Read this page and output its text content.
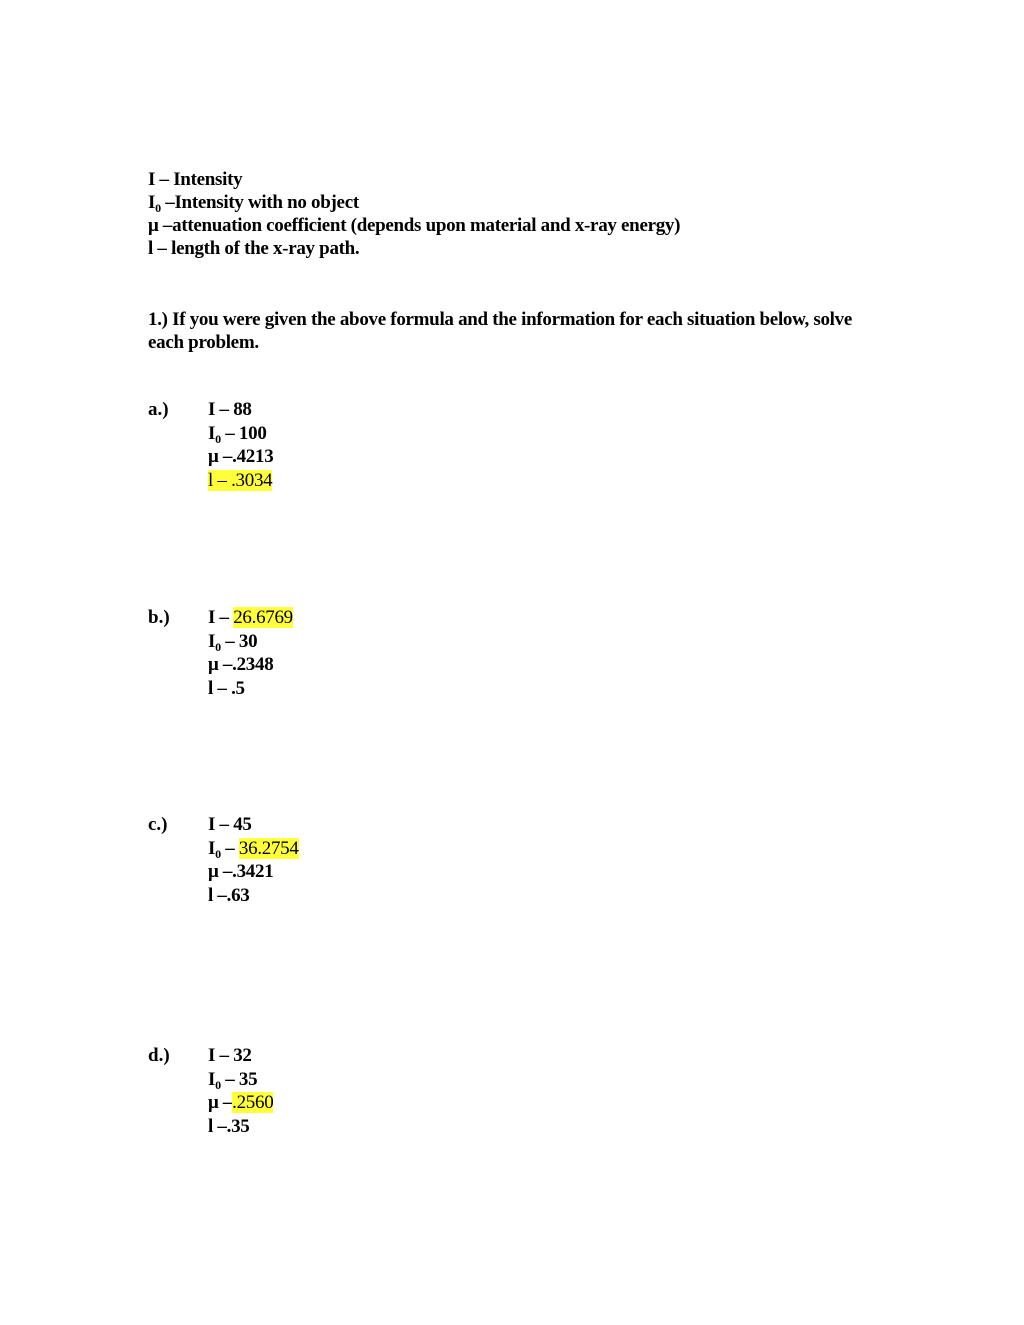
I – Intensity
$I_0$ –Intensity with no object
μ –attenuation coefficient (depends upon material and x-ray energy)
l – length of the x-ray path.
1.) If you were given the above formula and the information for each situation below, solve each problem.
a.) I – 88
$I_0 - 100$
μ –.4213
l – .3034
b.) I – 26.6769
$I_0 - 30$
μ –.2348
l – .5
c.) I – 45
$I_0 - 36.2754$
μ –.3421
l –.63
d.) I – 32
$I_0 - 35$
μ –.2560
l –.35
